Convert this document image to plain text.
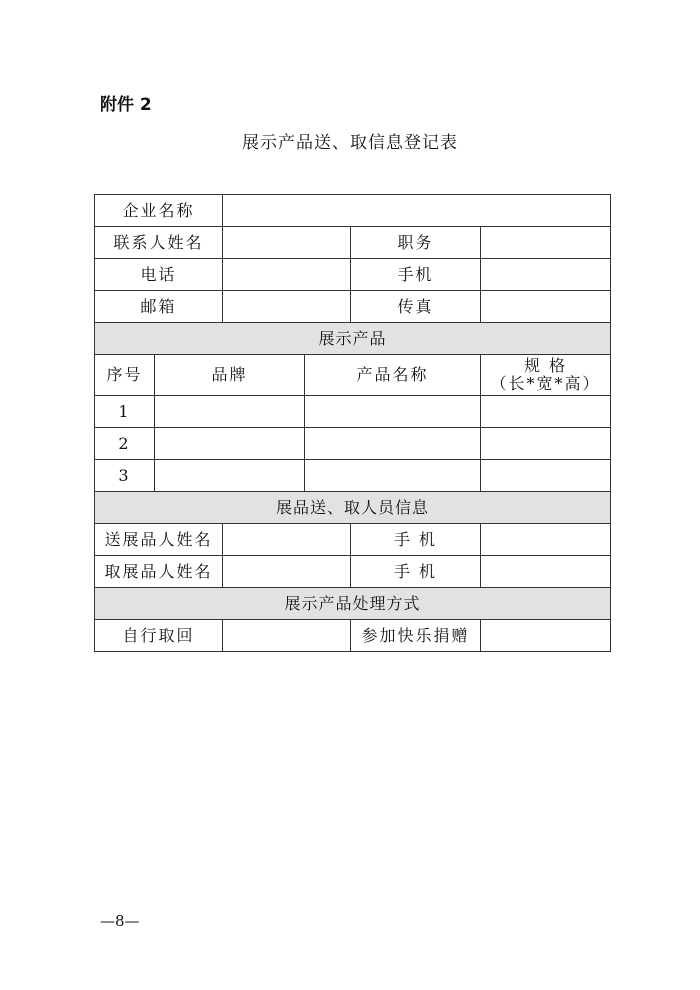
附件 2
展示产品送、取信息登记表
企业名称					
联系人姓名				职务	
电话				手机	
邮箱				传真	
展示产品					
序号	品牌		产品名称		规 格
（长*宽*高）

1					
2					
3					
展品送、取人员信息					
送展品人姓名				手 机	
取展品人姓名				手 机	
展示产品处理方式					
自行取回				参加快乐捐赠	
—8—
